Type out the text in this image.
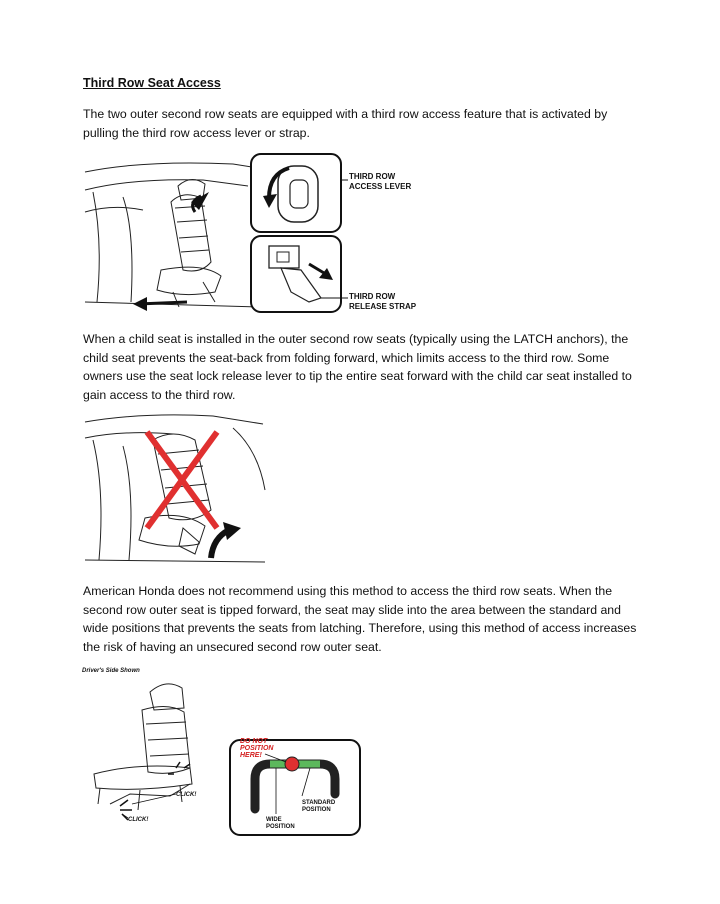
Third Row Seat Access

The two outer second row seats are equipped with a third row access feature that is activated by pulling the third row access lever or strap.

THIRD ROW
ACCESS LEVER
THIRD ROW
RELEASE STRAP

When a child seat is installed in the outer second row seats (typically using the LATCH anchors), the child seat prevents the seat-back from folding forward, which limits access to the third row. Some owners use the seat lock release lever to tip the entire seat forward with the child car seat installed to gain access to the third row.

American Honda does not recommend using this method to access the third row seats. When the second row outer seat is tipped forward, the seat may slide into the area between the standard and wide positions that prevents the seats from latching. Therefore, using this method of access increases the risk of having an unsecured second row outer seat.

Driver's Side Shown
CLICK!
CLICK!
DO NOT
POSITION
HERE!
STANDARD
POSITION
WIDE
POSITION
